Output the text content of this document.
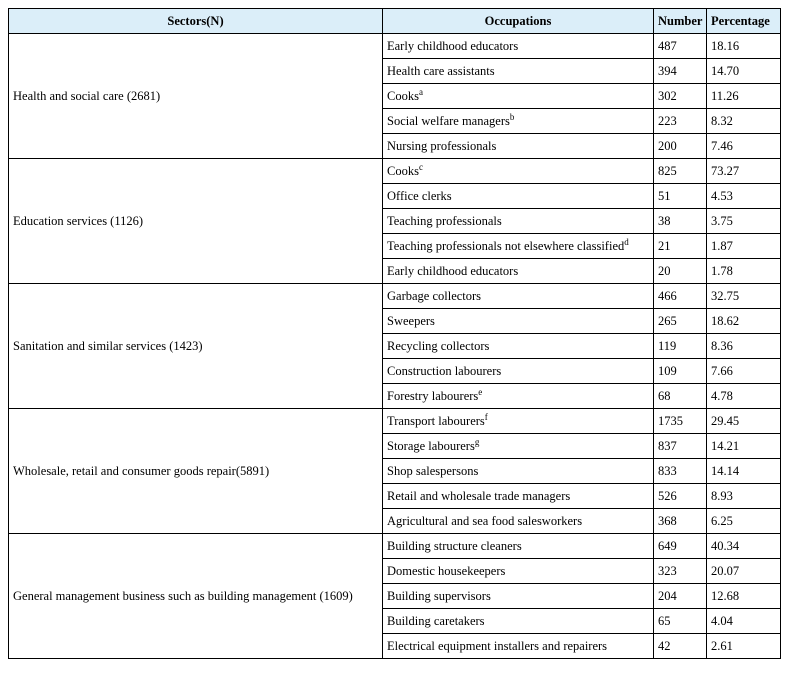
Sectors(N)	Occupations	Number	Percentage
Health and social care (2681)	Early childhood educators	487	18.16
	Health care assistants	394	14.70
	Cooks$^a$	302	11.26
	Social welfare managers$^b$	223	8.32
	Nursing professionals	200	7.46
Education services (1126)	Cooks$^c$	825	73.27
	Office clerks	51	4.53
	Teaching professionals	38	3.75
	Teaching professionals not elsewhere classified$^d$	21	1.87
	Early childhood educators	20	1.78
Sanitation and similar services (1423)	Garbage collectors	466	32.75
	Sweepers	265	18.62
	Recycling collectors	119	8.36
	Construction labourers	109	7.66
	Forestry labourers$^e$	68	4.78
Wholesale, retail and consumer goods repair(5891)	Transport labourers$^f$	1735	29.45
	Storage labourers$^g$	837	14.21
	Shop salespersons	833	14.14
	Retail and wholesale trade managers	526	8.93
	Agricultural and sea food salesworkers	368	6.25
General management business such as building management (1609)	Building structure cleaners	649	40.34
	Domestic housekeepers	323	20.07
	Building supervisors	204	12.68
	Building caretakers	65	4.04
	Electrical equipment installers and repairers	42	2.61
